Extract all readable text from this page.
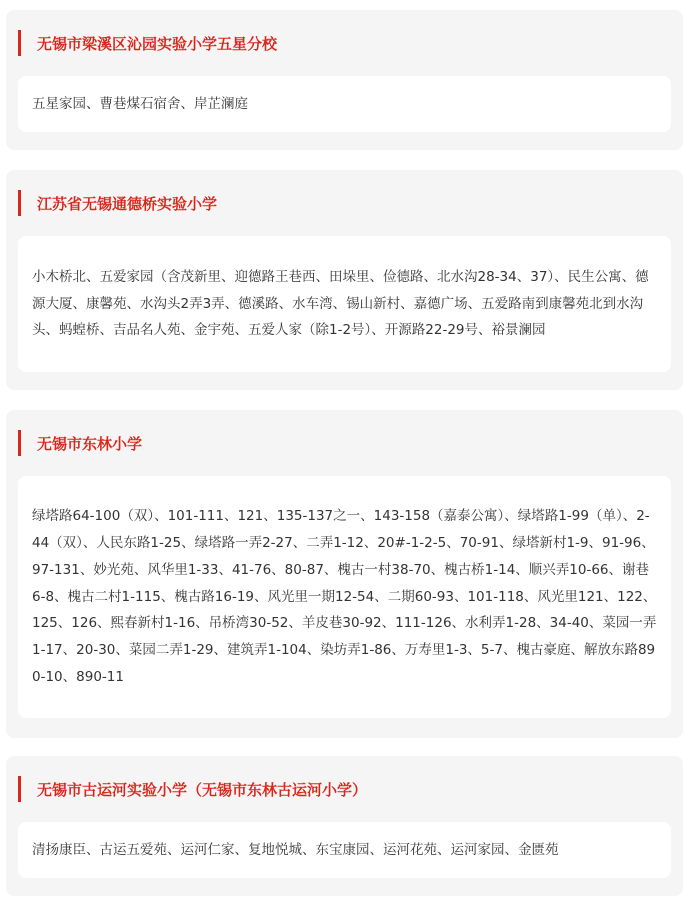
无锡市梁溪区沁园实验小学五星分校

五星家园、曹巷煤石宿舍、岸芷澜庭

江苏省无锡通德桥实验小学

小木桥北、五爱家园（含茂新里、迎德路王巷西、田垛里、俭德路、北水沟28-34、37）、民生公寓、德源大厦、康馨苑、水沟头2弄3弄、德溪路、水车湾、锡山新村、嘉德广场、五爱路南到康馨苑北到水沟头、蚂蝗桥、吉品名人苑、金宇苑、五爱人家（除1-2号）、开源路22-29号、裕景澜园

无锡市东林小学

绿塔路64-100（双）、101-111、121、135-137之一、143-158（嘉泰公寓）、绿塔路1-99（单）、2-44（双）、人民东路1-25、绿塔路一弄2-27、二弄1-12、20#-1-2-5、70-91、绿塔新村1-9、91-96、97-131、妙光苑、风华里1-33、41-76、80-87、槐古一村38-70、槐古桥1-14、顺兴弄10-66、谢巷6-8、槐古二村1-115、槐古路16-19、风光里一期12-54、二期60-93、101-118、风光里121、122、125、126、熙春新村1-16、吊桥湾30-52、羊皮巷30-92、111-126、水利弄1-28、34-40、菜园一弄1-17、20-30、菜园二弄1-29、建筑弄1-104、染坊弄1-86、万寿里1-3、5-7、槐古豪庭、解放东路890-10、890-11

无锡市古运河实验小学（无锡市东林古运河小学）

清扬康臣、古运五爱苑、运河仁家、复地悦城、东宝康园、运河花苑、运河家园、金匮苑
